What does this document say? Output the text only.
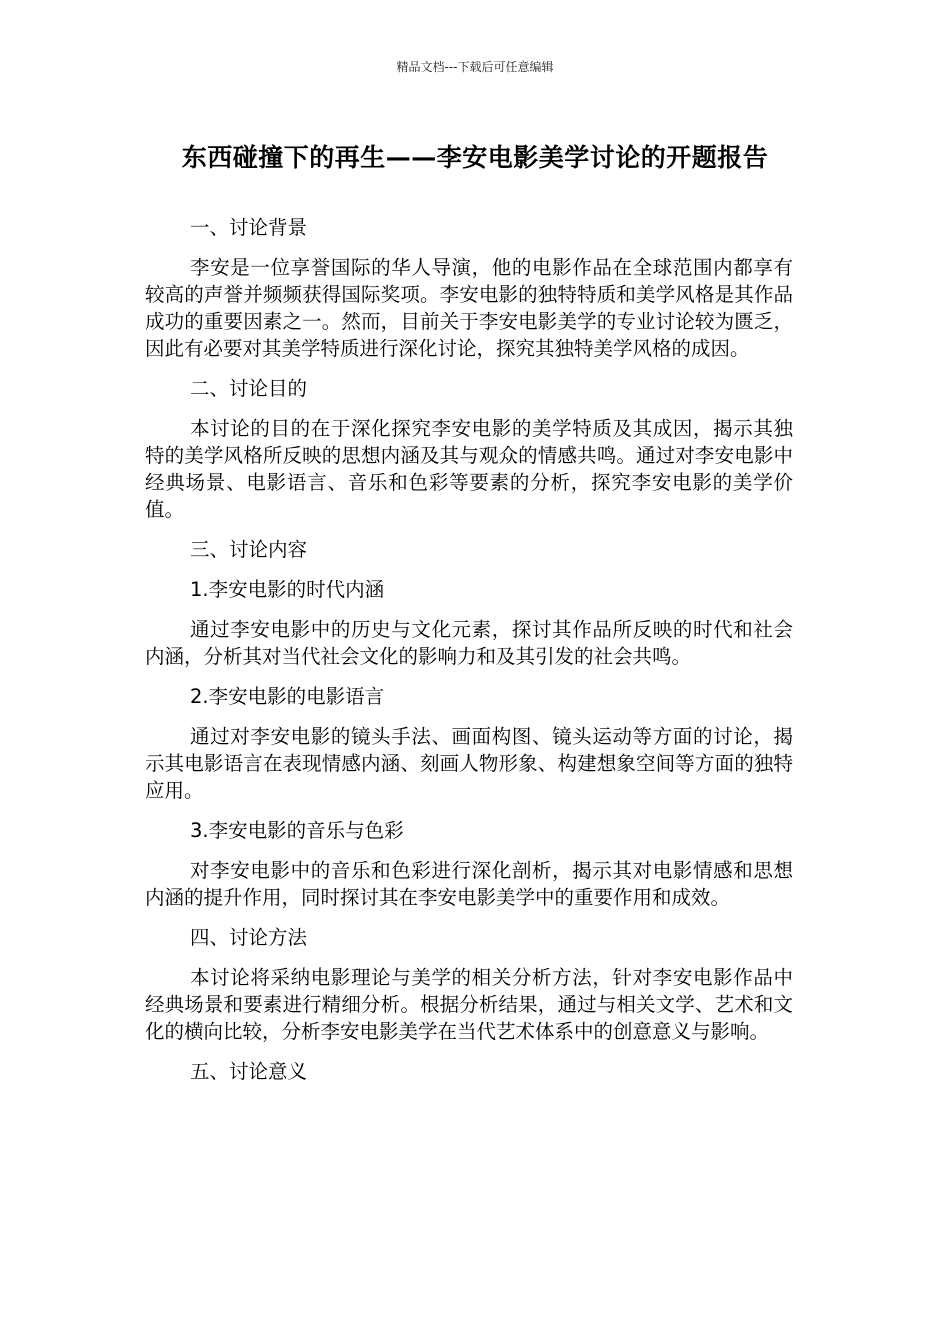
精品文档---下载后可任意编辑
东西碰撞下的再生——李安电影美学讨论的开题报告

一、讨论背景

李安是一位享誉国际的华人导演，他的电影作品在全球范围内都享有较高的声誉并频频获得国际奖项。李安电影的独特特质和美学风格是其作品成功的重要因素之一。然而，目前关于李安电影美学的专业讨论较为匮乏，因此有必要对其美学特质进行深化讨论，探究其独特美学风格的成因。

二、讨论目的

本讨论的目的在于深化探究李安电影的美学特质及其成因，揭示其独特的美学风格所反映的思想内涵及其与观众的情感共鸣。通过对李安电影中经典场景、电影语言、音乐和色彩等要素的分析，探究李安电影的美学价值。

三、讨论内容

1.李安电影的时代内涵

通过李安电影中的历史与文化元素，探讨其作品所反映的时代和社会内涵，分析其对当代社会文化的影响力和及其引发的社会共鸣。

2.李安电影的电影语言

通过对李安电影的镜头手法、画面构图、镜头运动等方面的讨论，揭示其电影语言在表现情感内涵、刻画人物形象、构建想象空间等方面的独特应用。

3.李安电影的音乐与色彩

对李安电影中的音乐和色彩进行深化剖析，揭示其对电影情感和思想内涵的提升作用，同时探讨其在李安电影美学中的重要作用和成效。

四、讨论方法

本讨论将采纳电影理论与美学的相关分析方法，针对李安电影作品中经典场景和要素进行精细分析。根据分析结果，通过与相关文学、艺术和文化的横向比较，分析李安电影美学在当代艺术体系中的创意意义与影响。

五、讨论意义
